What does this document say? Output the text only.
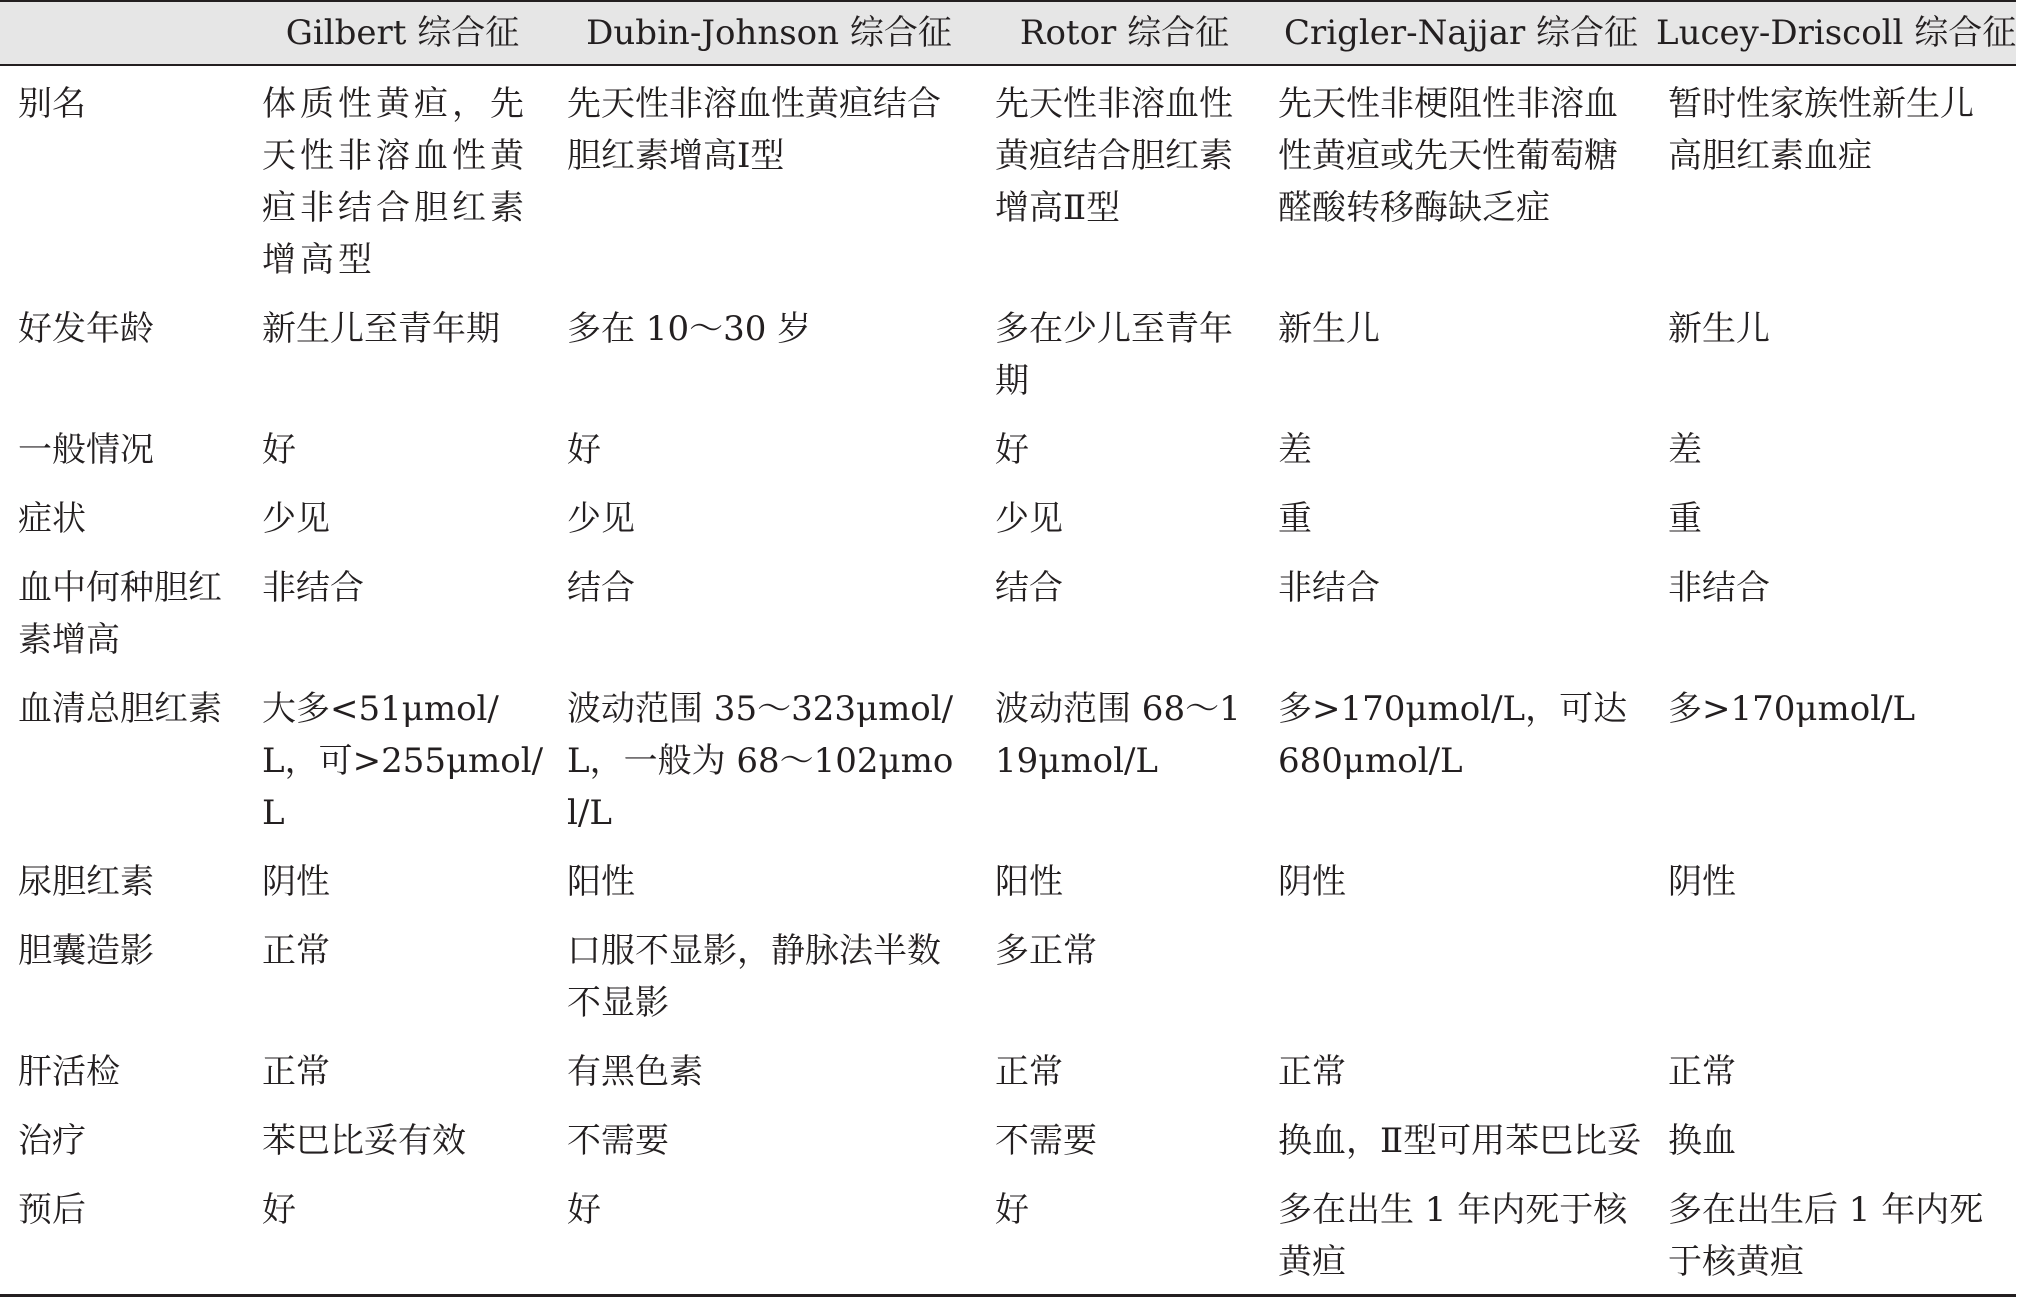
	Gilbert 综合征	Dubin-Johnson 综合征	Rotor 综合征	Crigler-Najjar 综合征	Lucey-Driscoll 综合征
别名	体质性黄疸，先天性非溶血性黄疸非结合胆红素增高型	先天性非溶血性黄疸结合胆红素增高Ⅰ型	先天性非溶血性黄疸结合胆红素增高Ⅱ型	先天性非梗阻性非溶血性黄疸或先天性葡萄糖醛酸转移酶缺乏症	暂时性家族性新生儿高胆红素血症
好发年龄	新生儿至青年期	多在 10～30 岁	多在少儿至青年期	新生儿	新生儿
一般情况	好	好	好	差	差
症状	少见	少见	少见	重	重
血中何种胆红素增高	非结合	结合	结合	非结合	非结合
血清总胆红素	大多<51μmol/L，可>255μmol/L	波动范围 35～323μmol/L，一般为 68～102μmol/L	波动范围 68～119μmol/L	多>170μmol/L，可达 680μmol/L	多>170μmol/L
尿胆红素	阴性	阳性	阳性	阴性	阴性
胆囊造影	正常	口服不显影，静脉法半数不显影	多正常		
肝活检	正常	有黑色素	正常	正常	正常
治疗	苯巴比妥有效	不需要	不需要	换血，Ⅱ型可用苯巴比妥	换血
预后	好	好	好	多在出生 1 年内死于核黄疸	多在出生后 1 年内死于核黄疸
